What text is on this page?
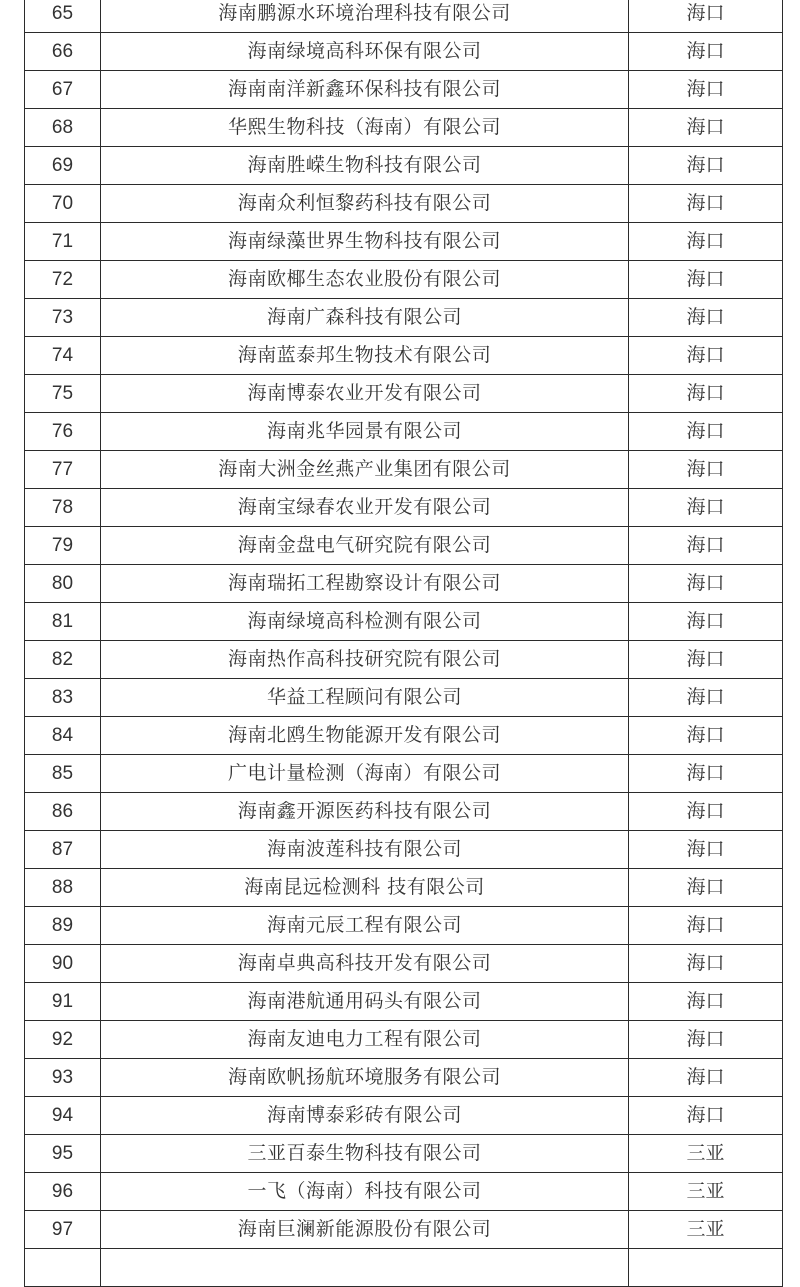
65	海南鹏源水环境治理科技有限公司	海口
66	海南绿境高科环保有限公司	海口
67	海南南洋新鑫环保科技有限公司	海口
68	华熙生物科技（海南）有限公司	海口
69	海南胜嵘生物科技有限公司	海口
70	海南众利恒黎药科技有限公司	海口
71	海南绿藻世界生物科技有限公司	海口
72	海南欧椰生态农业股份有限公司	海口
73	海南广森科技有限公司	海口
74	海南蓝泰邦生物技术有限公司	海口
75	海南博泰农业开发有限公司	海口
76	海南兆华园景有限公司	海口
77	海南大洲金丝燕产业集团有限公司	海口
78	海南宝绿春农业开发有限公司	海口
79	海南金盘电气研究院有限公司	海口
80	海南瑞拓工程勘察设计有限公司	海口
81	海南绿境高科检测有限公司	海口
82	海南热作高科技研究院有限公司	海口
83	华益工程顾问有限公司	海口
84	海南北鸥生物能源开发有限公司	海口
85	广电计量检测（海南）有限公司	海口
86	海南鑫开源医药科技有限公司	海口
87	海南波莲科技有限公司	海口
88	海南昆远检测科 技有限公司	海口
89	海南元辰工程有限公司	海口
90	海南卓典高科技开发有限公司	海口
91	海南港航通用码头有限公司	海口
92	海南友迪电力工程有限公司	海口
93	海南欧帆扬航环境服务有限公司	海口
94	海南博泰彩砖有限公司	海口
95	三亚百泰生物科技有限公司	三亚
96	一飞（海南）科技有限公司	三亚
97	海南巨澜新能源股份有限公司	三亚
